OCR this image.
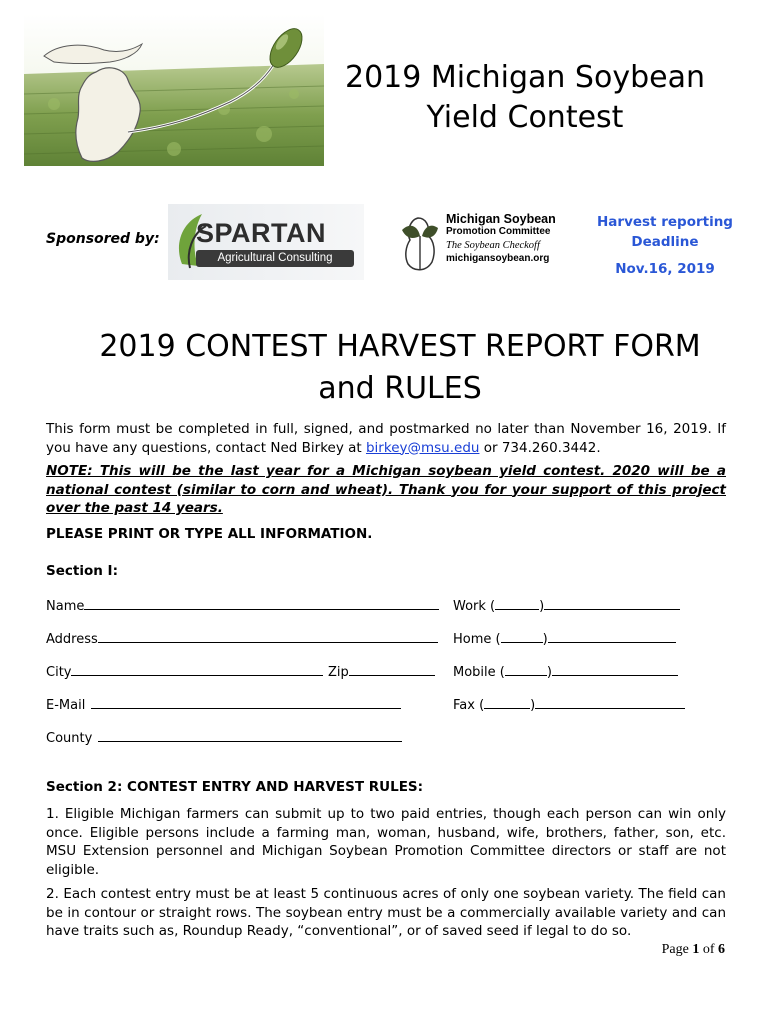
2019 Michigan Soybean
Yield Contest
Sponsored by: SPARTAN
Agricultural Consulting
Michigan Soybean
Promotion Committee
The Soybean Checkoff
michigansoybean.org
Harvest reporting
Deadline
Nov.16, 2019
2019 CONTEST HARVEST REPORT FORM
and RULES
This form must be completed in full, signed, and postmarked no later than November 16, 2019. If you have any questions, contact Ned Birkey at birkey@msu.edu or 734.260.3442.
NOTE: This will be the last year for a Michigan soybean yield contest. 2020 will be a national contest (similar to corn and wheat). Thank you for your support of this project over the past 14 years.
PLEASE PRINT OR TYPE ALL INFORMATION.
Section I:
Name	Work (	)
Address	Home (	)
City	Zip	Mobile (	)
E-Mail	Fax (	)
County
Section 2: CONTEST ENTRY AND HARVEST RULES:
1. Eligible Michigan farmers can submit up to two paid entries, though each person can win only once. Eligible persons include a farming man, woman, husband, wife, brothers, father, son, etc. MSU Extension personnel and Michigan Soybean Promotion Committee directors or staff are not eligible.
2. Each contest entry must be at least 5 continuous acres of only one soybean variety. The field can be in contour or straight rows. The soybean entry must be a commercially available variety and can have traits such as, Roundup Ready, “conventional”, or of saved seed if legal to do so.
Page 1 of 6
